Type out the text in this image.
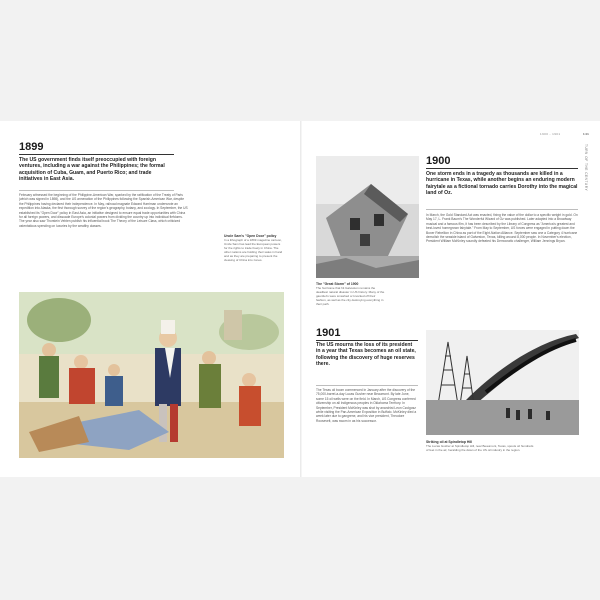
1899

The US government finds itself preoccupied with foreign ventures, including a war against the Philippines; the formal acquisition of Cuba, Guam, and Puerto Rico; and trade initiatives in East Asia.

February witnessed the beginning of the Philippine-American War, sparked by the ratification of the Treaty of Paris (which was signed in 1898), and the US annexation of the Philippines following the Spanish-American War, despite the Philippines having declared their independence. In May, railroad magnate Edward Harriman underwrote an expedition into Alaska, the first thorough survey of the region's geography, botany, and zoology. In September, the US established its "Open Door" policy in East Asia, an initiative designed to ensure equal trade opportunities with China for all foreign powers, and dissuade Europe's colonial powers from dividing the country up into individual fiefdoms. The year also saw Thorstein Veblen publish his influential book The Theory of the Leisure Class, which criticized ostentatious spending on luxuries by the wealthy classes.

Uncle Sam's "Open Door" policy

In a lithograph of a 1899 magazine cartoon, Uncle Sam has lead the European powers for the rights to trade freely in China. The other nations are holding their sales in hand and as they are preparing to present the cleaving of China into zones.

1900 - 1901
TURN OF THE CENTURY
141

The "Great Storm" of 1900

The hurricane that hit Galveston remains the deadliest natural disaster in US history. Many of the gauntlet's were smashed or knocked off their fashion, as well as the city destroying everything in their path.

1900

One storm ends in a tragedy as thousands are killed in a hurricane in Texas, while another begins an enduring modern fairytale as a fictional tornado carries Dorothy into the magical land of Oz.

In March, the Gold Standard Act was enacted, fixing the value of the dollar to a specific weight in gold. On May 17, L. Frank Baum's The Wonderful Wizard of Oz was published. Later adapted into a Broadway musical and a famous film, it has been described by the Library of Congress as "America's greatest and best-loved homegrown fairytale." From May to September, US forces were engaged in putting down the Boxer Rebellion in China as part of the Eight-Nation Alliance. September saw one a Category 4 hurricane demolish the seaside island of Galveston, Texas, killing around 8,000 people. In November's election, President William McKinley soundly defeated his Democratic challenger, William Jennings Bryan.

1901

The US mourns the loss of its president in a year that Texas becomes an oil state, following the discovery of huge reserves there.

The Texas oil boom commenced in January after the discovery of the 75,000-barrel-a-day Lucas Gusher near Beaumont. By late June, some 15 oil wells were on the field. In March, US Congress conferred citizenship on all Indigenous peoples in Oklahoma Territory. In September, President McKinley was shot by anarchist Leon Czolgosz while visiting the Pan-American Exposition in Buffalo. McKinley died a week later due to gangrene, and his vice president, Theodore Roosevelt, was sworn in as his successor.

Striking oil at Spindletop Hill

The Lucas Gusher at Spindletop Hill, near Beaumont, Texas, spouts oil hundreds of feet in the air, heralding the dawn of the US oil industry in the region.
